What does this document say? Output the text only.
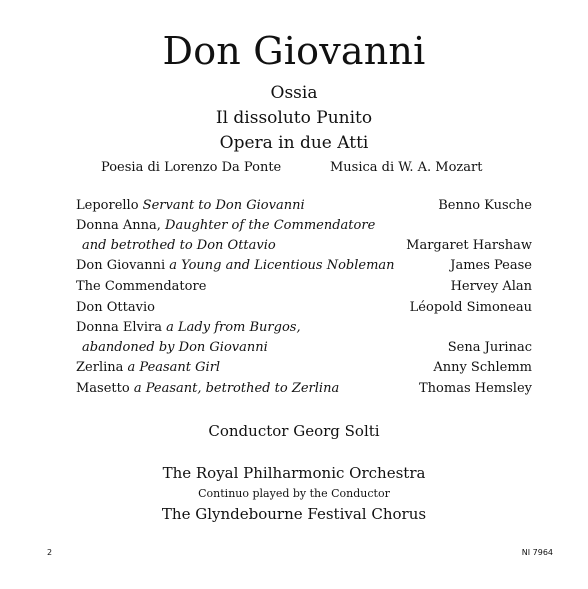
Don Giovanni
Ossia
Il dissoluto Punito
Opera in due Atti
Poesia di Lorenzo Da Ponte	Musica di W. A. Mozart
Leporello Servant to Don Giovanni	Benno Kusche
Donna Anna, Daughter of the Commendatore
and betrothed to Don Ottavio	Margaret Harshaw
Don Giovanni a Young and Licentious Nobleman	James Pease
The Commendatore	Hervey Alan
Don Ottavio	Léopold Simoneau
Donna Elvira a Lady from Burgos,
abandoned by Don Giovanni	Sena Jurinac
Zerlina a Peasant Girl	Anny Schlemm
Masetto a Peasant, betrothed to Zerlina	Thomas Hemsley
Conductor Georg Solti
The Royal Philharmonic Orchestra
Continuo played by the Conductor
The Glyndebourne Festival Chorus
2	NI 7964
